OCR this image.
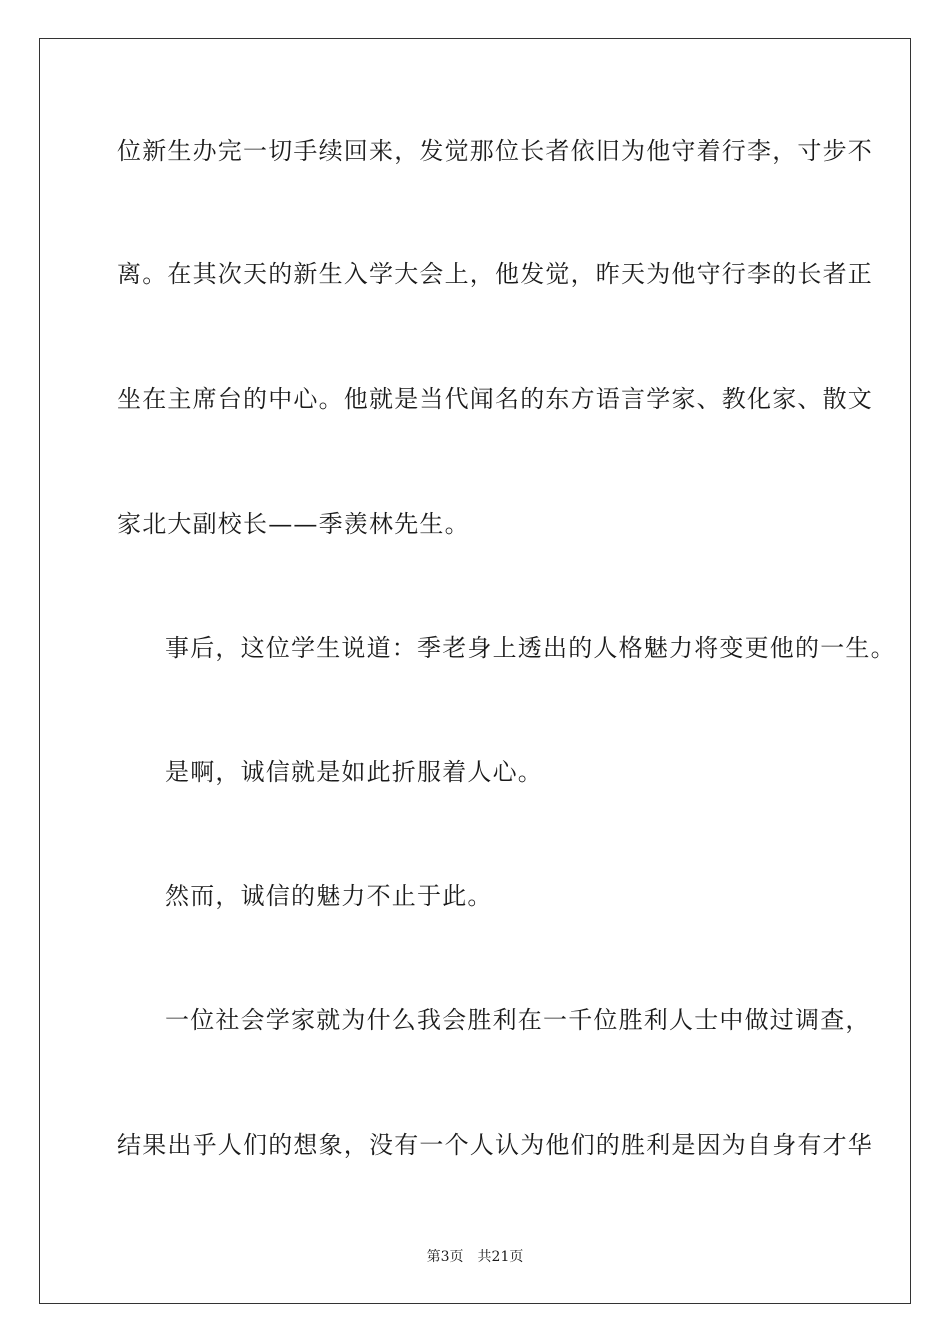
位新生办完一切手续回来，发觉那位长者依旧为他守着行李，寸步不
离。在其次天的新生入学大会上，他发觉，昨天为他守行李的长者正
坐在主席台的中心。他就是当代闻名的东方语言学家、教化家、散文
家北大副校长——季羡林先生。
事后，这位学生说道：季老身上透出的人格魅力将变更他的一生。
是啊，诚信就是如此折服着人心。
然而，诚信的魅力不止于此。
一位社会学家就为什么我会胜利在一千位胜利人士中做过调查，
结果出乎人们的想象，没有一个人认为他们的胜利是因为自身有才华
第3页 共21页
